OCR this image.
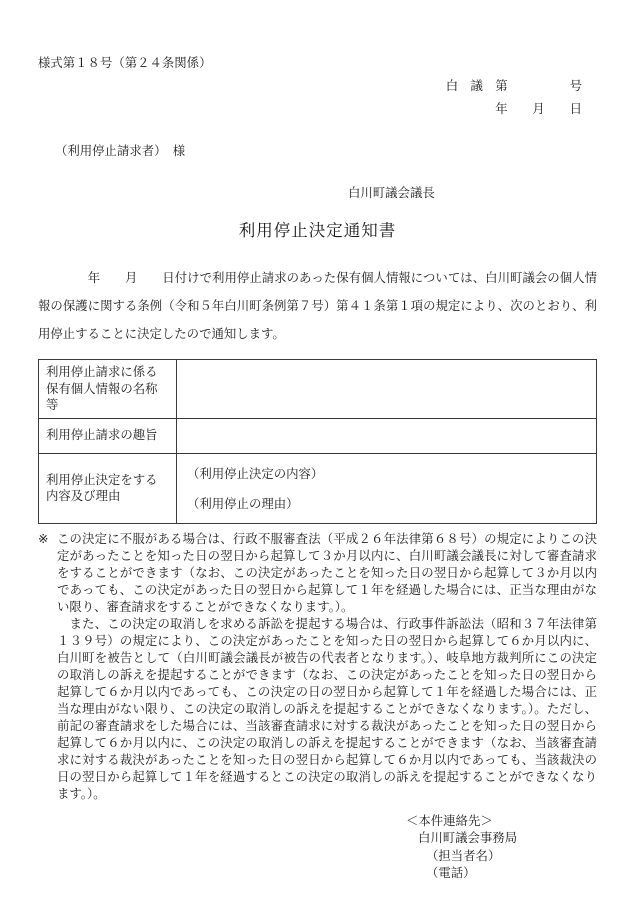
様式第１８号（第２４条関係）
白　議　第　　　　　号
年　　月　　日
（利用停止請求者）　様
白川町議会議長
利用停止決定通知書

　　　　年　　月　　日付けで利用停止請求のあった保有個人情報については、白川町議会の個人情報の保護に関する条例（令和５年白川町条例第７号）第４１条第１項の規定により、次のとおり、利用停止することに決定したので通知します。

利用停止請求に係る保有個人情報の名称等	
利用停止請求の趣旨	
利用停止決定をする内容及び理由	（利用停止決定の内容）
（利用停止の理由）
※ この決定に不服がある場合は、行政不服審査法（平成２６年法律第６８号）の規定によりこの決定があったことを知った日の翌日から起算して３か月以内に、白川町議会議長に対して審査請求をすることができます（なお、この決定があったことを知った日の翌日から起算して３か月以内であっても、この決定があった日の翌日から起算して１年を経過した場合には、正当な理由がない限り、審査請求をすることができなくなります。）。

　また、この決定の取消しを求める訴訟を提起する場合は、行政事件訴訟法（昭和３７年法律第１３９号）の規定により、この決定があったことを知った日の翌日から起算して６か月以内に、白川町を被告として（白川町議会議長が被告の代表者となります。）、岐阜地方裁判所にこの決定の取消しの訴えを提起することができます（なお、この決定があったことを知った日の翌日から起算して６か月以内であっても、この決定の日の翌日から起算して１年を経過した場合には、正当な理由がない限り、この決定の取消しの訴えを提起することができなくなります。）。ただし、前記の審査請求をした場合には、当該審査請求に対する裁決があったことを知った日の翌日から起算して６か月以内に、この決定の取消しの訴えを提起することができます（なお、当該審査請求に対する裁決があったことを知った日の翌日から起算して６か月以内であっても、当該裁決の日の翌日から起算して１年を経過するとこの決定の取消しの訴えを提起することができなくなります。）。

＜本件連絡先＞
白川町議会事務局
（担当者名）
（電話）
